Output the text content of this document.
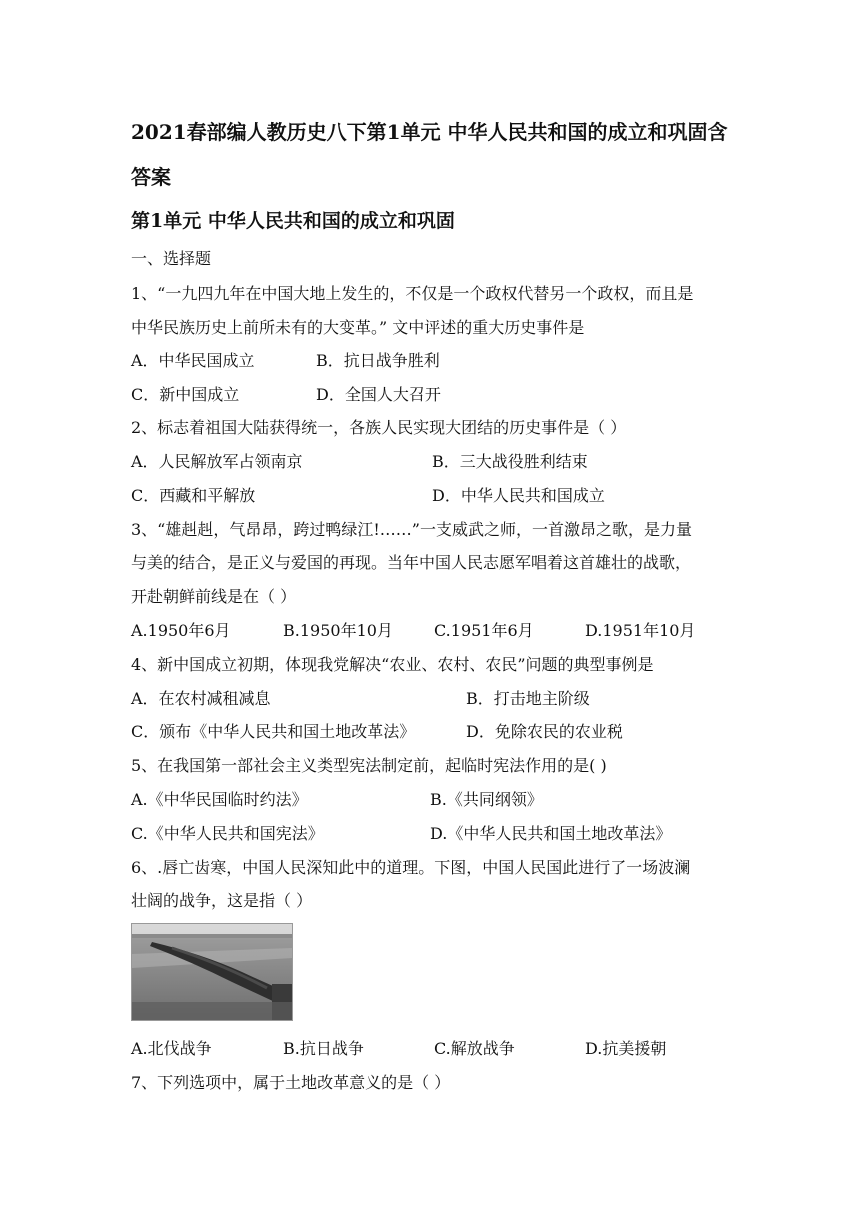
2021春部编人教历史八下第1单元 中华人民共和国的成立和巩固含
答案
第1单元 中华人民共和国的成立和巩固
一、选择题
1、“一九四九年在中国大地上发生的，不仅是一个政权代替另一个政权，而且是
中华民族历史上前所未有的大变革。” 文中评述的重大历史事件是
A．中华民国成立	B．抗日战争胜利
C．新中国成立	D．全国人大召开
2、标志着祖国大陆获得统一，各族人民实现大团结的历史事件是（ ）
A．人民解放军占领南京	B．三大战役胜利结束
C．西藏和平解放	D．中华人民共和国成立
3、“雄赳赳，气昂昂，跨过鸭绿江!……”一支威武之师，一首激昂之歌，是力量
与美的结合，是正义与爱国的再现。当年中国人民志愿军唱着这首雄壮的战歌，
开赴朝鲜前线是在（ ）
A.1950年6月	B.1950年10月	C.1951年6月	D.1951年10月
4、新中国成立初期，体现我党解决“农业、农村、农民”问题的典型事例是
A．在农村减租减息	B．打击地主阶级
C．颁布《中华人民共和国土地改革法》	D．免除农民的农业税
5、在我国第一部社会主义类型宪法制定前，起临时宪法作用的是( )
A.《中华民国临时约法》	B.《共同纲领》
C.《中华人民共和国宪法》	D.《中华人民共和国土地改革法》
6、.唇亡齿寒，中国人民深知此中的道理。下图，中国人民国此进行了一场波澜
壮阔的战争，这是指（ ）
A.北伐战争	B.抗日战争	C.解放战争	D.抗美援朝
7、下列选项中，属于土地改革意义的是（ ）
